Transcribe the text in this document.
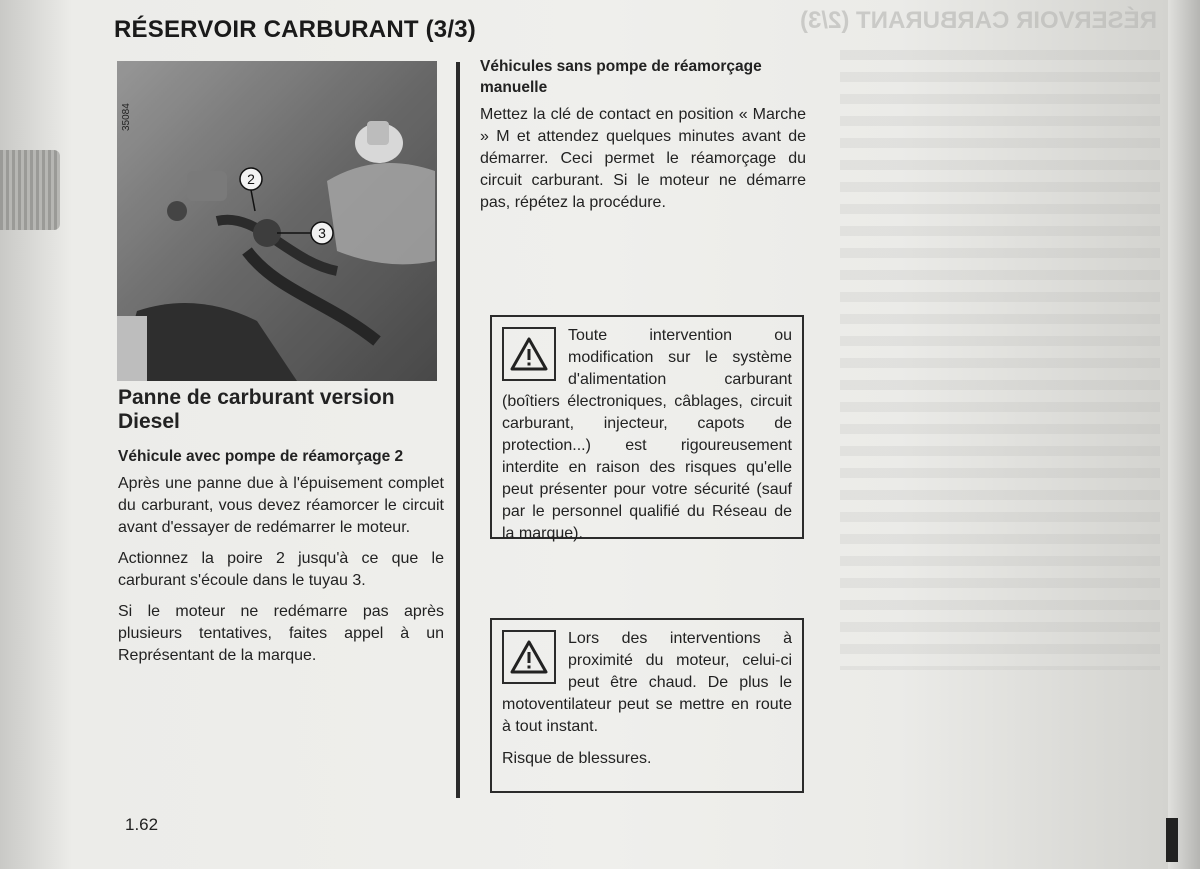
RÉSERVOIR CARBURANT (2/3)
RÉSERVOIR CARBURANT (3/3)
2
3
35084
Panne de carburant version Diesel
Véhicule avec pompe de réamorçage 2
Après une panne due à l'épuisement complet du carburant, vous devez réamorcer le circuit avant d'essayer de redémarrer le moteur.
Actionnez la poire 2 jusqu'à ce que le carburant s'écoule dans le tuyau 3.
Si le moteur ne redémarre pas après plusieurs tentatives, faites appel à un Représentant de la marque.
Véhicules sans pompe de réamorçage manuelle
Mettez la clé de contact en position « Marche » M et attendez quelques minutes avant de démarrer. Ceci permet le réamorçage du circuit carburant. Si le moteur ne démarre pas, répétez la procédure.
Toute intervention ou modification sur le système d'alimentation carburant (boîtiers électroniques, câblages, circuit carburant, injecteur, capots de protection...) est rigoureusement interdite en raison des risques qu'elle peut présenter pour votre sécurité (sauf par le personnel qualifié du Réseau de la marque).
Lors des interventions à proximité du moteur, celui-ci peut être chaud. De plus le motoventilateur peut se mettre en route à tout instant.
Risque de blessures.
1.62
